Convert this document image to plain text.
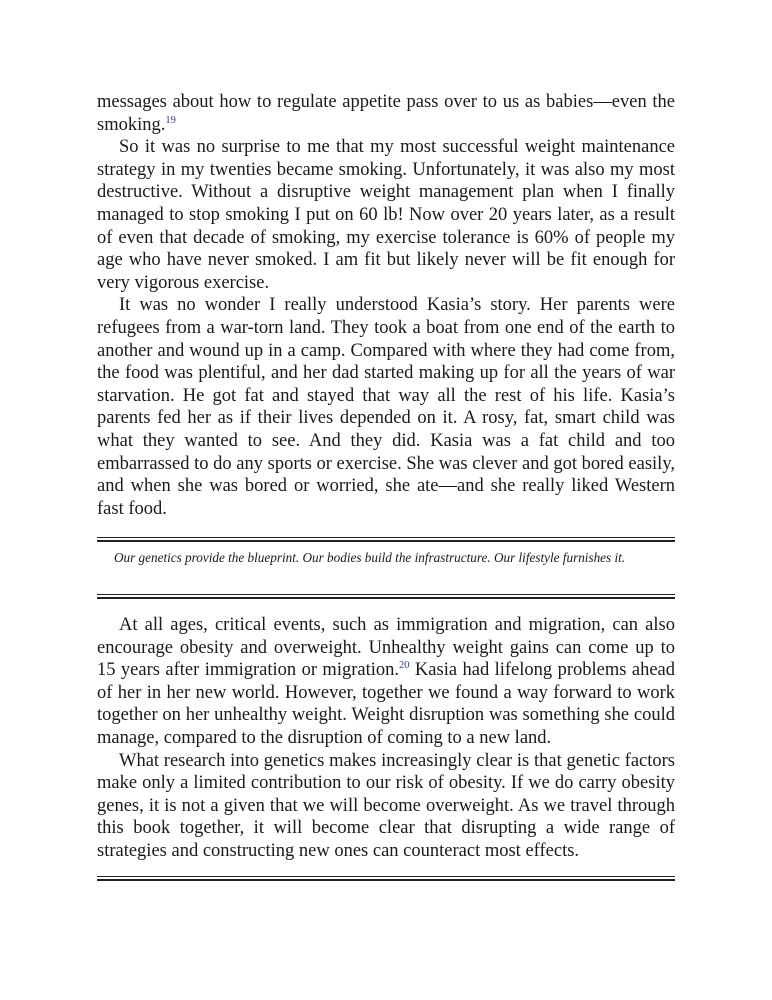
messages about how to regulate appetite pass over to us as babies—even the smoking.$^{19}$

So it was no surprise to me that my most successful weight maintenance strategy in my twenties became smoking. Unfortunately, it was also my most destructive. Without a disruptive weight management plan when I finally managed to stop smoking I put on 60 lb! Now over 20 years later, as a result of even that decade of smoking, my exercise tolerance is 60% of people my age who have never smoked. I am fit but likely never will be fit enough for very vigorous exercise.

It was no wonder I really understood Kasia’s story. Her parents were refugees from a war-torn land. They took a boat from one end of the earth to another and wound up in a camp. Compared with where they had come from, the food was plentiful, and her dad started making up for all the years of war starvation. He got fat and stayed that way all the rest of his life. Kasia’s parents fed her as if their lives depended on it. A rosy, fat, smart child was what they wanted to see. And they did. Kasia was a fat child and too embarrassed to do any sports or exercise. She was clever and got bored easily, and when she was bored or worried, she ate—and she really liked Western fast food.

Our genetics provide the blueprint. Our bodies build the infrastructure. Our lifestyle furnishes it.

At all ages, critical events, such as immigration and migration, can also encourage obesity and overweight. Unhealthy weight gains can come up to 15 years after immigration or migration.$^{20}$ Kasia had lifelong problems ahead of her in her new world. However, together we found a way forward to work together on her unhealthy weight. Weight disruption was something she could manage, compared to the disruption of coming to a new land.

What research into genetics makes increasingly clear is that genetic factors make only a limited contribution to our risk of obesity. If we do carry obesity genes, it is not a given that we will become overweight. As we travel through this book together, it will become clear that disrupting a wide range of strategies and constructing new ones can counteract most effects.
